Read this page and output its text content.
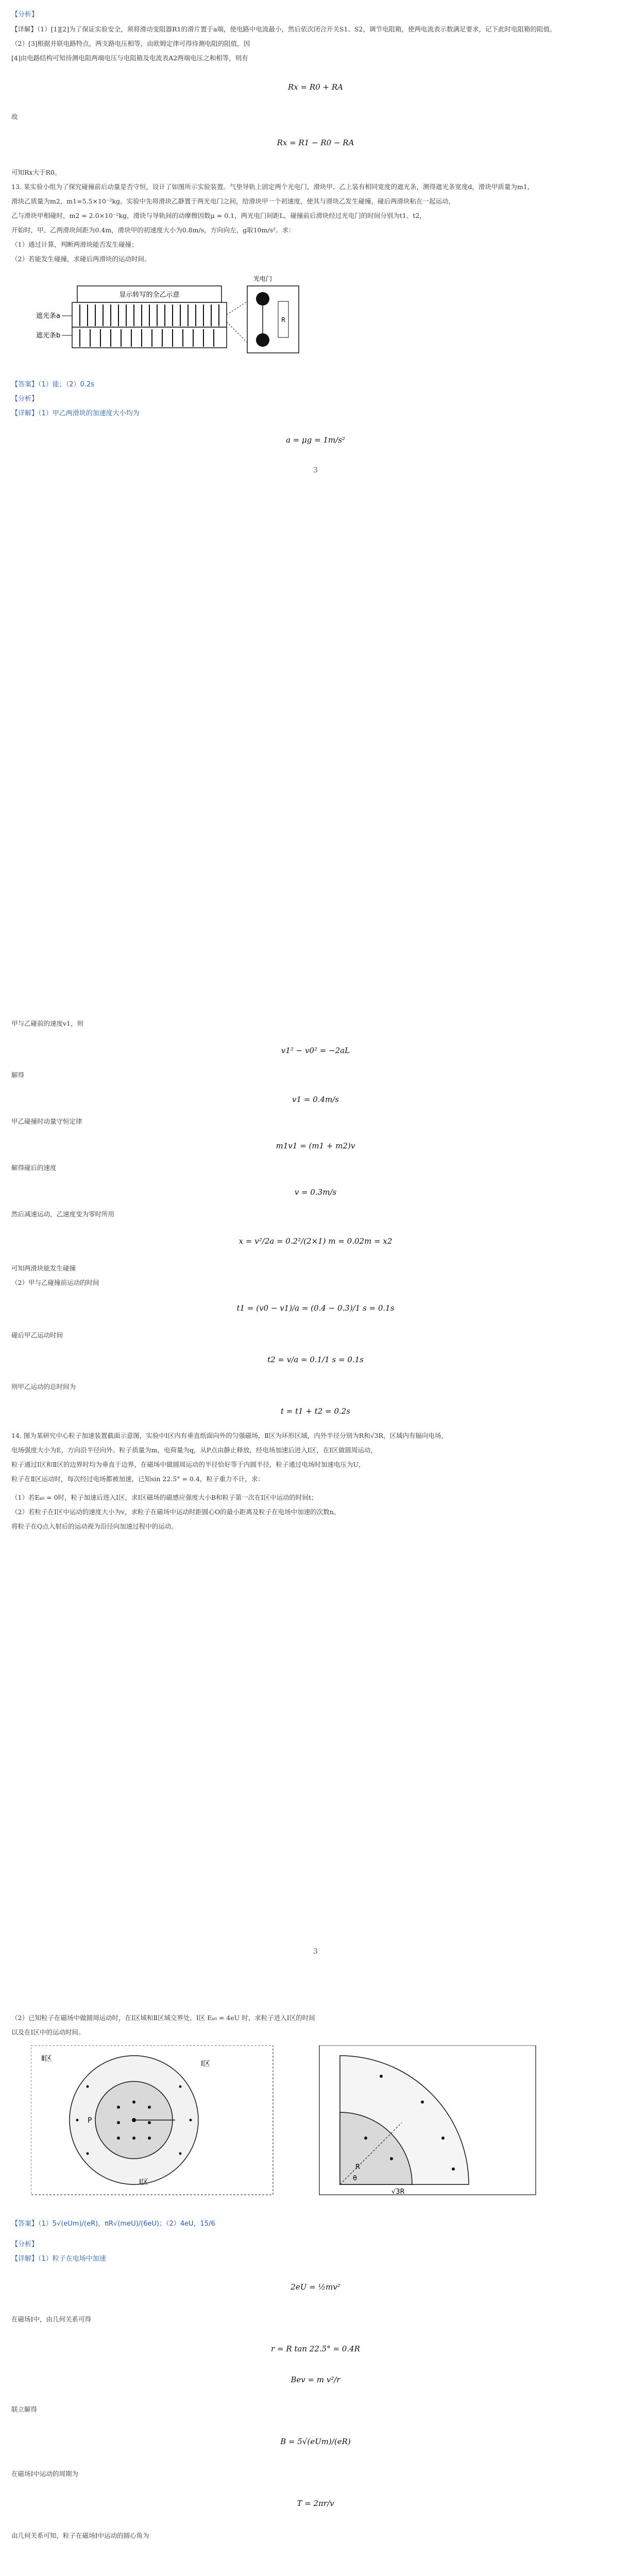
【分析】
【详解】（1）[1][2]为了保证实验安全，须将滑动变阻器R1的滑片置于a端，使电路中电流最小，然后依次闭合开关S1、S2，调节电阻箱，使两电流表示数满足要求，记下此时电阻箱的阻值。
（2）[3]根据并联电路特点，两支路电压相等，由欧姆定律可得待测电阻的阻值，因
[4]由电路结构可知待测电阻两端电压与电阻箱及电流表A2两端电压之和相等，则有
Rx = R0 + RA
故
Rx = R1 − R0 − RA
可知Rx大于R0。
13. 某实验小组为了探究碰撞前后动量是否守恒，设计了如图所示实验装置。气垫导轨上固定两个光电门，滑块甲、乙上装有相同宽度的遮光条，测得遮光条宽度d，滑块甲质量为m1，
滑块乙质量为m2，m1=5.5×10⁻²kg。实验中先将滑块乙静置于两光电门之间，给滑块甲一个初速度，使其与滑块乙发生碰撞，碰后两滑块粘在一起运动，
乙与滑块甲相碰时，m2 = 2.0×10⁻²kg，滑块与导轨间的动摩擦因数μ = 0.1，两光电门间距L，碰撞前后滑块经过光电门的时间分别为t1、t2，
开始时，甲、乙两滑块间距为0.4m，滑块甲的初速度大小为0.8m/s，方向向左，g取10m/s²。求：
（1）通过计算，判断两滑块能否发生碰撞；
（2）若能发生碰撞，求碰后两滑块的运动时间。
显示转写的全乙示意
遮光条a
遮光条b
R
光电门
【答案】（1）能；（2）0.2s
【分析】
【详解】（1）甲乙两滑块的加速度大小均为
a = μg = 1m/s²
3
甲与乙碰前的速度v1，则
v1² − v0² = −2aL
解得
v1 = 0.4m/s
甲乙碰撞时动量守恒定律
m1v1 = (m1 + m2)v
解得碰后的速度
v = 0.3m/s
然后减速运动，乙速度变为零时所用
x = v²/2a = 0.2²/(2×1) m = 0.02m = x2
可知两滑块能发生碰撞
（2）甲与乙碰撞前运动的时间
t1 = (v0 − v1)/a = (0.4 − 0.3)/1 s = 0.1s
碰后甲乙运动时间
t2 = v/a = 0.1/1 s = 0.1s
则甲乙运动的总时间为
t = t1 + t2 = 0.2s
14. 图为某研究中心粒子加速装置截面示意图，实验中Ⅰ区内有垂直纸面向外的匀强磁场，Ⅱ区为环形区域，内外半径分别为R和√3R，区域内有辐向电场，
电场强度大小为E，方向沿半径向外。粒子质量为m，电荷量为q，从P点由静止释放，经电场加速后进入Ⅰ区，在Ⅰ区做圆周运动，
粒子通过Ⅰ区和Ⅱ区的边界时均为垂直于边界，在磁场中做圆周运动的半径恰好等于内圆半径，粒子通过电场时加速电压为U，
粒子在Ⅱ区运动时，每次经过电场都被加速，已知sin 22.5° = 0.4，粒子重力不计，求：
（1）若Eₖ₀ = 0时，粒子加速后进入Ⅰ区，求Ⅰ区磁场的磁感应强度大小B和粒子第一次在Ⅰ区中运动的时间t；
（2）若粒子在Ⅰ区中运动的速度大小为v，求粒子在磁场中运动时距圆心O的最小距离及粒子在电场中加速的次数n。
将粒子在Q点入射后的运动视为沿径向加速过程中的运动。
3
（2）已知粒子在磁场中做圆周运动时，在Ⅰ区域和Ⅱ区域交界处，Ⅰ区 Eₖ₀ = 4eU 时，求粒子进入Ⅰ区的时间
以及在Ⅰ区中的运动时间。
Ⅱ区
Ⅰ区
P
Ⅰ区
√3R
R
θ
【答案】（1）5√(eUm)/(eR)，πR√(meU)/(6eU)；（2）4eU，15/6
【分析】
【详解】（1）粒子在电场中加速
2eU = ½mv²
在磁场Ⅰ中，由几何关系可得
r = R tan 22.5° = 0.4R
Bev = m v²/r
联立解得
B = 5√(eUm)/(eR)
在磁场Ⅰ中运动的周期为
T = 2πr/v
由几何关系可知，粒子在磁场Ⅰ中运动的圆心角为
